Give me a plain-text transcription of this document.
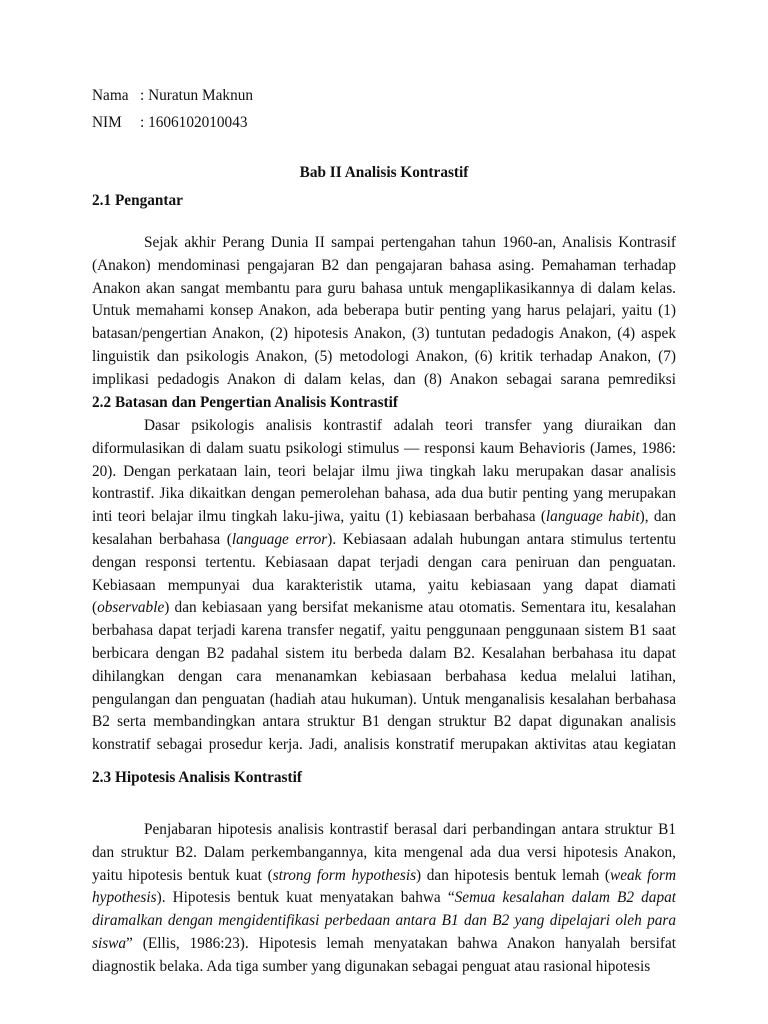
Nama : Nuratun Maknun
NIM : 1606102010043
Bab II Analisis Kontrastif
2.1 Pengantar

Sejak akhir Perang Dunia II sampai pertengahan tahun 1960-an, Analisis Kontrasif (Anakon) mendominasi pengajaran B2 dan pengajaran bahasa asing. Pemahaman terhadap Anakon akan sangat membantu para guru bahasa untuk mengaplikasikannya di dalam kelas. Untuk memahami konsep Anakon, ada beberapa butir penting yang harus pelajari, yaitu (1) batasan/pengertian Anakon, (2) hipotesis Anakon, (3) tuntutan pedadogis Anakon, (4) aspek linguistik dan psikologis Anakon, (5) metodologi Anakon, (6) kritik terhadap Anakon, (7) implikasi pedadogis Anakon di dalam kelas, dan (8) Anakon sebagai sarana pemrediksi

2.2 Batasan dan Pengertian Analisis Kontrastif

Dasar psikologis analisis kontrastif adalah teori transfer yang diuraikan dan diformulasikan di dalam suatu psikologi stimulus — responsi kaum Behavioris (James, 1986: 20). Dengan perkataan lain, teori belajar ilmu jiwa tingkah laku merupakan dasar analisis kontrastif. Jika dikaitkan dengan pemerolehan bahasa, ada dua butir penting yang merupakan inti teori belajar ilmu tingkah laku-jiwa, yaitu (1) kebiasaan berbahasa (language habit), dan kesalahan berbahasa (language error). Kebiasaan adalah hubungan antara stimulus tertentu dengan responsi tertentu. Kebiasaan dapat terjadi dengan cara peniruan dan penguatan. Kebiasaan mempunyai dua karakteristik utama, yaitu kebiasaan yang dapat diamati (observable) dan kebiasaan yang bersifat mekanisme atau otomatis. Sementara itu, kesalahan berbahasa dapat terjadi karena transfer negatif, yaitu penggunaan penggunaan sistem B1 saat berbicara dengan B2 padahal sistem itu berbeda dalam B2. Kesalahan berbahasa itu dapat dihilangkan dengan cara menanamkan kebiasaan berbahasa kedua melalui latihan, pengulangan dan penguatan (hadiah atau hukuman). Untuk menganalisis kesalahan berbahasa B2 serta membandingkan antara struktur B1 dengan struktur B2 dapat digunakan analisis konstratif sebagai prosedur kerja. Jadi, analisis konstratif merupakan aktivitas atau kegiatan

2.3 Hipotesis Analisis Kontrastif

Penjabaran hipotesis analisis kontrastif berasal dari perbandingan antara struktur B1 dan struktur B2. Dalam perkembangannya, kita mengenal ada dua versi hipotesis Anakon, yaitu hipotesis bentuk kuat (strong form hypothesis) dan hipotesis bentuk lemah (weak form hypothesis). Hipotesis bentuk kuat menyatakan bahwa “Semua kesalahan dalam B2 dapat diramalkan dengan mengidentifikasi perbedaan antara B1 dan B2 yang dipelajari oleh para siswa” (Ellis, 1986:23). Hipotesis lemah menyatakan bahwa Anakon hanyalah bersifat diagnostik belaka. Ada tiga sumber yang digunakan sebagai penguat atau rasional hipotesis
